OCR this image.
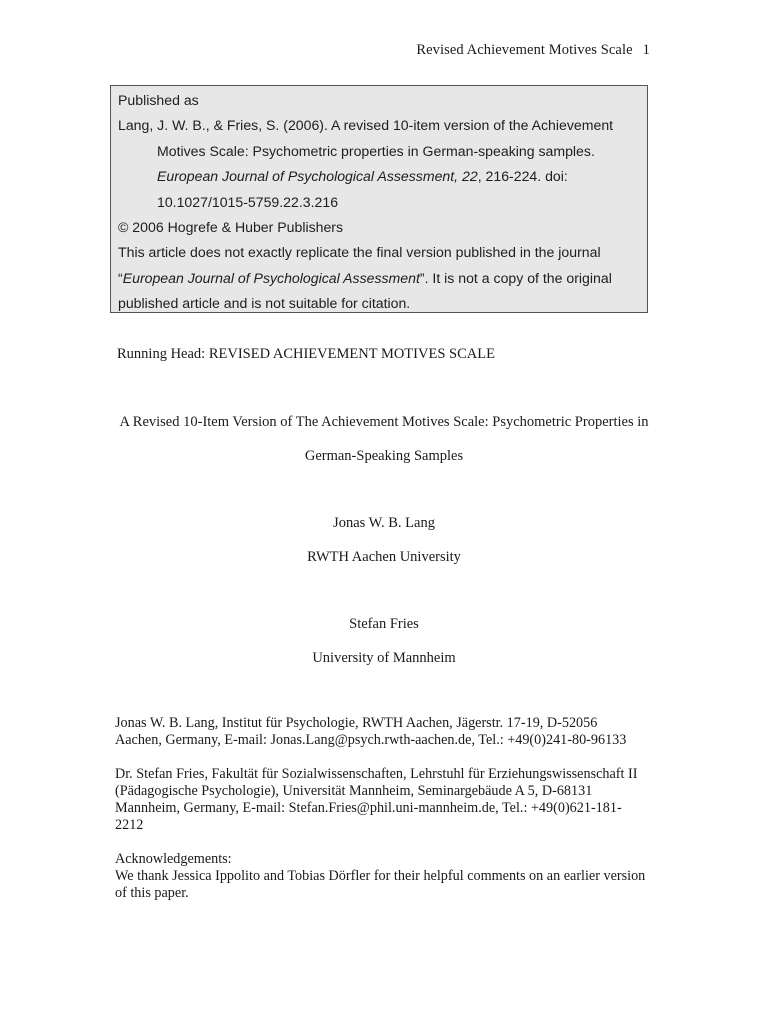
Revised Achievement Motives Scale 1
Published as
Lang, J. W. B., & Fries, S. (2006). A revised 10-item version of the Achievement
Motives Scale: Psychometric properties in German-speaking samples.
European Journal of Psychological Assessment, 22, 216-224. doi:
10.1027/1015-5759.22.3.216
© 2006 Hogrefe & Huber Publishers
This article does not exactly replicate the final version published in the journal
“European Journal of Psychological Assessment”. It is not a copy of the original
published article and is not suitable for citation.
Running Head: REVISED ACHIEVEMENT MOTIVES SCALE
A Revised 10-Item Version of The Achievement Motives Scale: Psychometric Properties in
German-Speaking Samples
Jonas W. B. Lang
RWTH Aachen University
Stefan Fries
University of Mannheim
Jonas W. B. Lang, Institut für Psychologie, RWTH Aachen, Jägerstr. 17-19, D-52056
Aachen, Germany, E-mail: Jonas.Lang@psych.rwth-aachen.de, Tel.: +49(0)241-80-96133
Dr. Stefan Fries, Fakultät für Sozialwissenschaften, Lehrstuhl für Erziehungswissenschaft II
(Pädagogische Psychologie), Universität Mannheim, Seminargebäude A 5, D-68131
Mannheim, Germany, E-mail: Stefan.Fries@phil.uni-mannheim.de, Tel.: +49(0)621-181-
2212
Acknowledgements:
We thank Jessica Ippolito and Tobias Dörfler for their helpful comments on an earlier version
of this paper.
